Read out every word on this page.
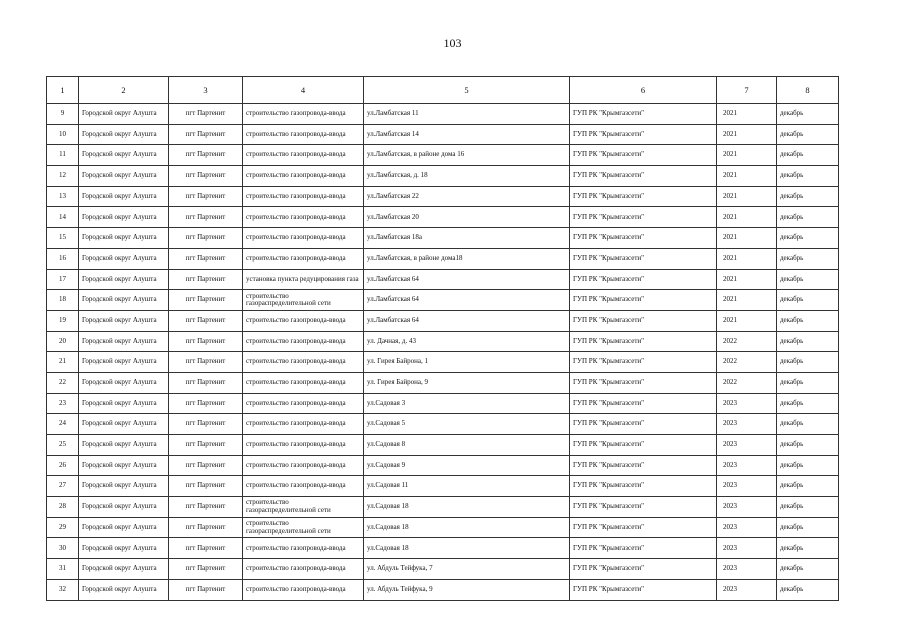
103
1	2	3	4	5	6	7	8
9	Городской округ Алушта	пгт Партенит	строительство газопровода-ввода	ул.Ламбатская 11	ГУП РК "Крымгазсети"	2021	декабрь
10	Городской округ Алушта	пгт Партенит	строительство газопровода-ввода	ул.Ламбатская 14	ГУП РК "Крымгазсети"	2021	декабрь
11	Городской округ Алушта	пгт Партенит	строительство газопровода-ввода	ул.Ламбатская, в районе дома 16	ГУП РК "Крымгазсети"	2021	декабрь
12	Городской округ Алушта	пгт Партенит	строительство газопровода-ввода	ул.Ламбатская, д. 18	ГУП РК "Крымгазсети"	2021	декабрь
13	Городской округ Алушта	пгт Партенит	строительство газопровода-ввода	ул.Ламбатская 22	ГУП РК "Крымгазсети"	2021	декабрь
14	Городской округ Алушта	пгт Партенит	строительство газопровода-ввода	ул.Ламбатская 20	ГУП РК "Крымгазсети"	2021	декабрь
15	Городской округ Алушта	пгт Партенит	строительство газопровода-ввода	ул.Ламбатская 18а	ГУП РК "Крымгазсети"	2021	декабрь
16	Городской округ Алушта	пгт Партенит	строительство газопровода-ввода	ул.Ламбатская, в районе дома18	ГУП РК "Крымгазсети"	2021	декабрь
17	Городской округ Алушта	пгт Партенит	установка пункта редуцирования газа	ул.Ламбатская 64	ГУП РК "Крымгазсети"	2021	декабрь
18	Городской округ Алушта	пгт Партенит	строительство газораспределительной сети	ул.Ламбатская 64	ГУП РК "Крымгазсети"	2021	декабрь
19	Городской округ Алушта	пгт Партенит	строительство газопровода-ввода	ул.Ламбатская 64	ГУП РК "Крымгазсети"	2021	декабрь
20	Городской округ Алушта	пгт Партенит	строительство газопровода-ввода	ул. Дачная, д. 43	ГУП РК "Крымгазсети"	2022	декабрь
21	Городской округ Алушта	пгт Партенит	строительство газопровода-ввода	ул. Гирея Байрона, 1	ГУП РК "Крымгазсети"	2022	декабрь
22	Городской округ Алушта	пгт Партенит	строительство газопровода-ввода	ул. Гирея Байрона, 9	ГУП РК "Крымгазсети"	2022	декабрь
23	Городской округ Алушта	пгт Партенит	строительство газопровода-ввода	ул.Садовая 3	ГУП РК "Крымгазсети"	2023	декабрь
24	Городской округ Алушта	пгт Партенит	строительство газопровода-ввода	ул.Садовая 5	ГУП РК "Крымгазсети"	2023	декабрь
25	Городской округ Алушта	пгт Партенит	строительство газопровода-ввода	ул.Садовая 8	ГУП РК "Крымгазсети"	2023	декабрь
26	Городской округ Алушта	пгт Партенит	строительство газопровода-ввода	ул.Садовая 9	ГУП РК "Крымгазсети"	2023	декабрь
27	Городской округ Алушта	пгт Партенит	строительство газопровода-ввода	ул.Садовая 11	ГУП РК "Крымгазсети"	2023	декабрь
28	Городской округ Алушта	пгт Партенит	строительство газораспределительной сети	ул.Садовая 18	ГУП РК "Крымгазсети"	2023	декабрь
29	Городской округ Алушта	пгт Партенит	строительство газораспределительной сети	ул.Садовая 18	ГУП РК "Крымгазсети"	2023	декабрь
30	Городской округ Алушта	пгт Партенит	строительство газопровода-ввода	ул.Садовая 18	ГУП РК "Крымгазсети"	2023	декабрь
31	Городской округ Алушта	пгт Партенит	строительство газопровода-ввода	ул. Абдуль Тейфука, 7	ГУП РК "Крымгазсети"	2023	декабрь
32	Городской округ Алушта	пгт Партенит	строительство газопровода-ввода	ул. Абдуль Тейфука, 9	ГУП РК "Крымгазсети"	2023	декабрь
